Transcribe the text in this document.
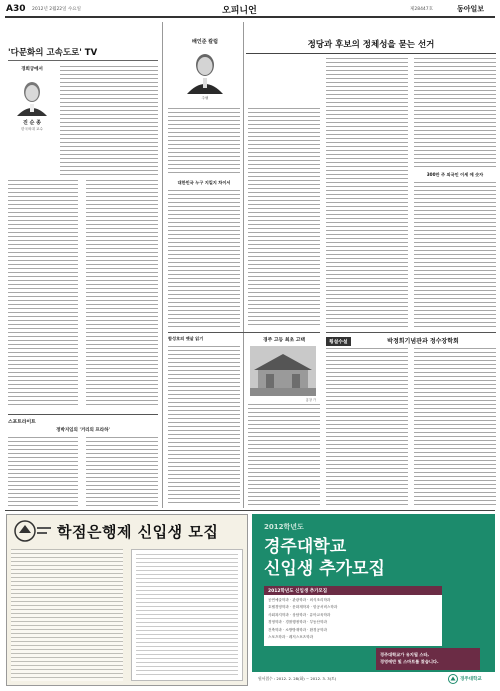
A30 2012년 2월22일 수요일	오피니언	제28447호	동아일보
'다문화의 고속도로' TV
경희궁에서
진 순 종
한국외대 교수
스포트라이트
정박지임의 '거리의 프라하'
배인준 칼럼
주필
대한민국 누구 지킬지 차이서
합성호의 옛살 읽기	경주 고등 최초 고택
홍창 가
정당과 후보의 정체성을 묻는 선거
300만 주 외국인 이세 에 숫자
횡설수설	박정희기념관과 정수장학회
학점은행제 신입생 모집	2012학년도
경주대학교
신입생 추가모집
2012학년도 신입생 추가모집
공연예술학과 · 관광학과 · 외식조리학과
호텔경영학과 · 문화재학과 · 항공서비스학과
사회복지학과 · 상담학과 · 유아교육학과
경영학과 · 경찰행정학과 · 부동산학과
건축학과 · 소방방재학과 · 환경공학과
스포츠학과 · 레저스포츠학과
경주대학교가 유지될 스타,
경영에반 및 스마트를 찾습니다.
원서접수 : 2012. 2. 28(화) ~ 2012. 3. 3(토)	경주대학교
